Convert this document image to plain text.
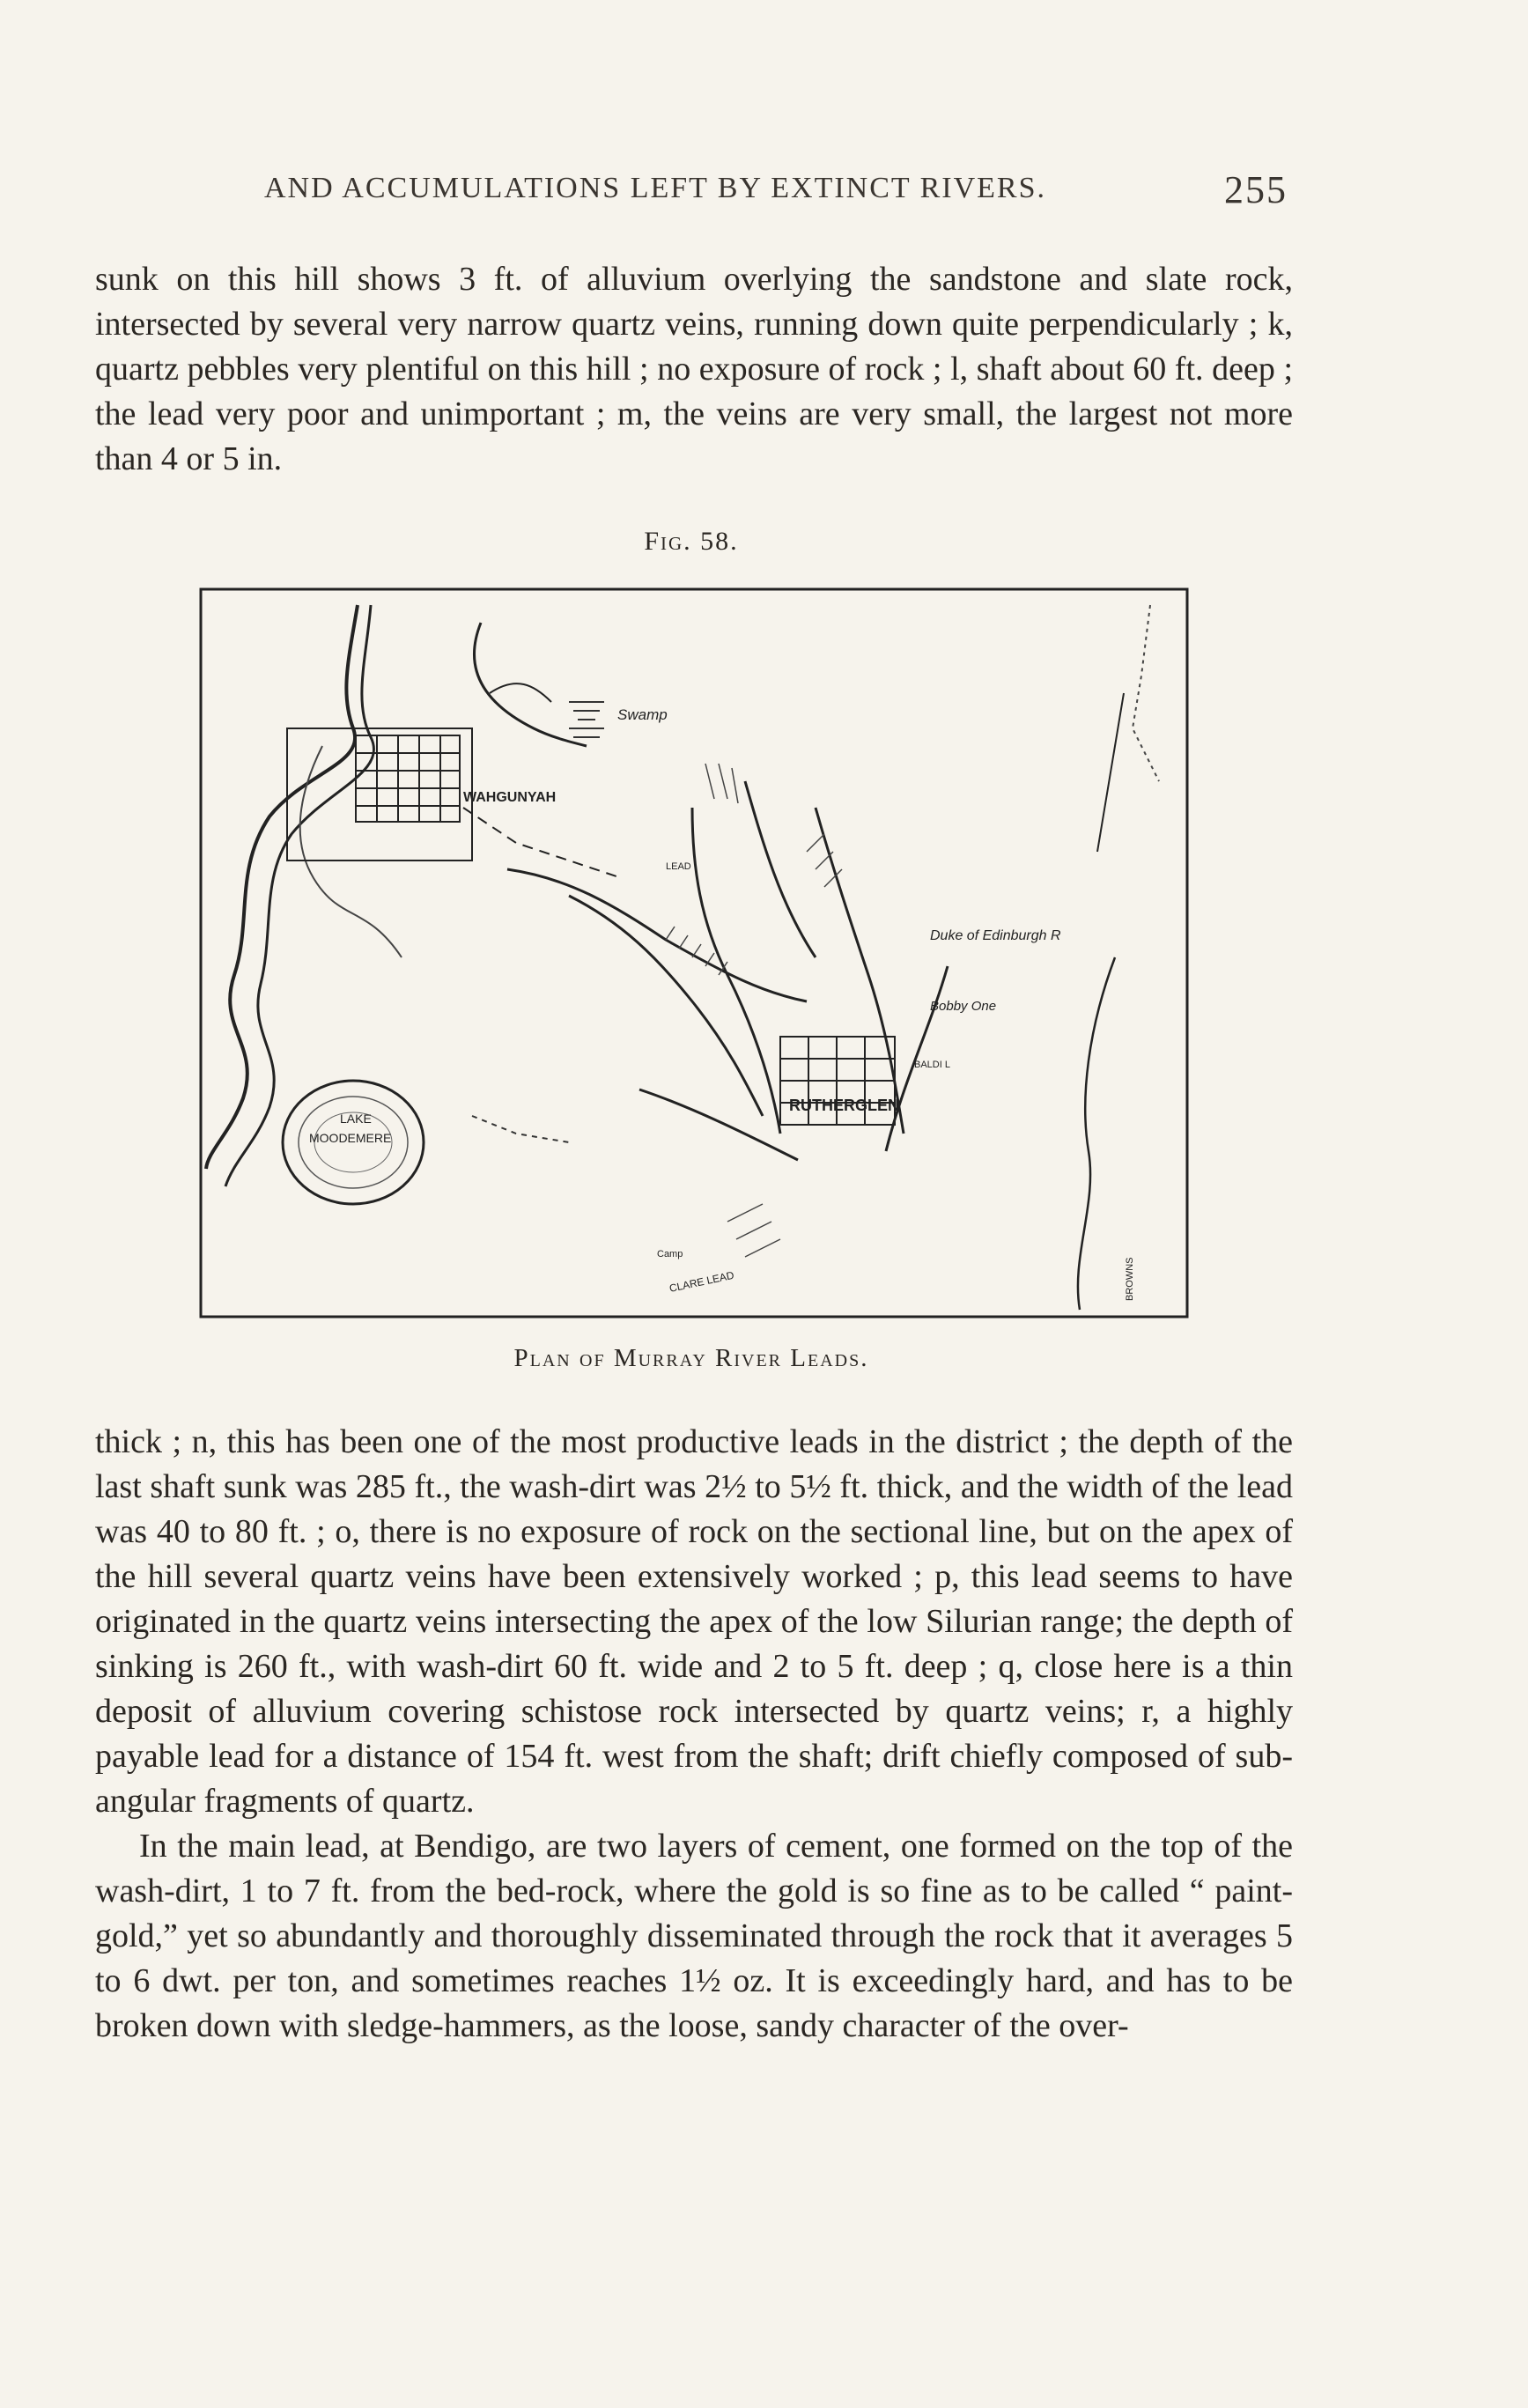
AND ACCUMULATIONS LEFT BY EXTINCT RIVERS.	255

sunk on this hill shows 3 ft. of alluvium overlying the sandstone and slate rock, intersected by several very narrow quartz veins, running down quite perpendicularly ; k, quartz pebbles very plentiful on this hill ; no exposure of rock ; l, shaft about 60 ft. deep ; the lead very poor and unimportant ; m, the veins are very small, the largest not more than 4 or 5 in.

Fig. 58.
LAKE
MOODEMERE
WAHGUNYAH
Swamp
RUTHERGLEN
Duke of Edinburgh R
Bobby One
BALDI L
LEAD
Camp
CLARE LEAD	BROWNS
Plan of Murray River Leads.

thick ; n, this has been one of the most productive leads in the district ; the depth of the last shaft sunk was 285 ft., the wash-dirt was 2½ to 5½ ft. thick, and the width of the lead was 40 to 80 ft. ; o, there is no exposure of rock on the sectional line, but on the apex of the hill several quartz veins have been extensively worked ; p, this lead seems to have originated in the quartz veins intersecting the apex of the low Silurian range; the depth of sinking is 260 ft., with wash-dirt 60 ft. wide and 2 to 5 ft. deep ; q, close here is a thin deposit of alluvium covering schistose rock intersected by quartz veins; r, a highly payable lead for a distance of 154 ft. west from the shaft; drift chiefly composed of sub-angular fragments of quartz.

In the main lead, at Bendigo, are two layers of cement, one formed on the top of the wash-dirt, 1 to 7 ft. from the bed-rock, where the gold is so fine as to be called “ paint-gold,” yet so abundantly and thoroughly disseminated through the rock that it averages 5 to 6 dwt. per ton, and sometimes reaches 1½ oz. It is exceedingly hard, and has to be broken down with sledge-hammers, as the loose, sandy character of the over-
